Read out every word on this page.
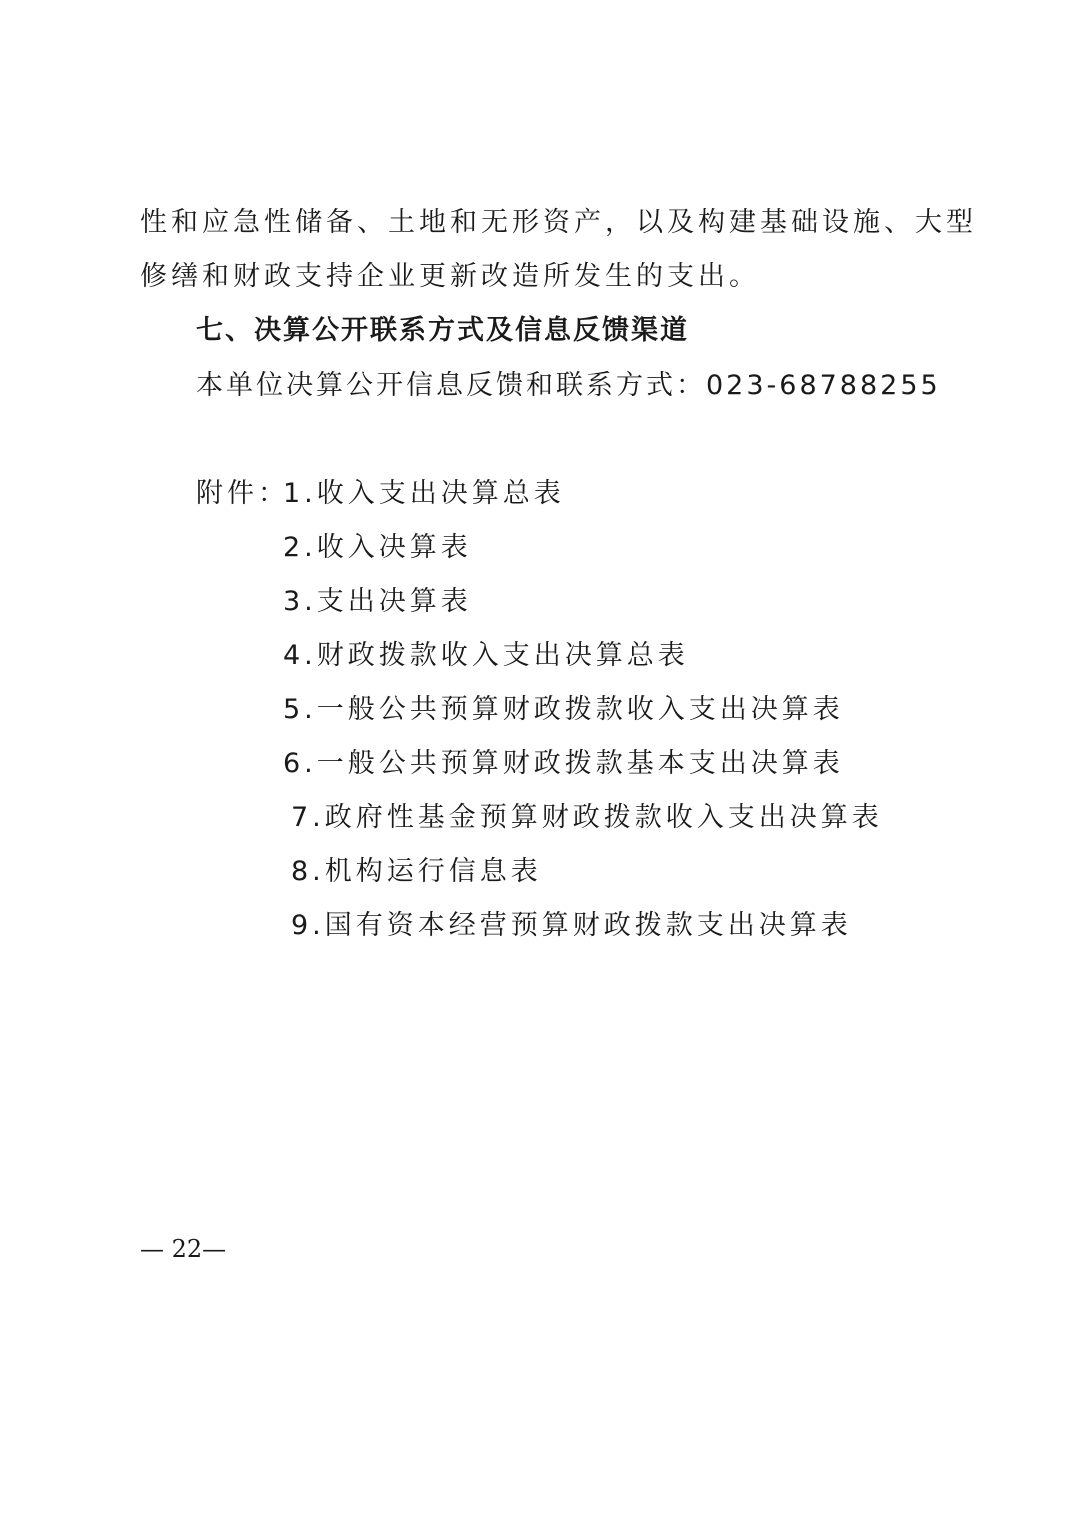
性和应急性储备、土地和无形资产，以及构建基础设施、大型
修缮和财政支持企业更新改造所发生的支出。
七、决算公开联系方式及信息反馈渠道
本单位决算公开信息反馈和联系方式：023-68788255
附件：
1.收入支出决算总表
2.收入决算表
3.支出决算表
4.财政拨款收入支出决算总表
5.一般公共预算财政拨款收入支出决算表
6.一般公共预算财政拨款基本支出决算表
7.政府性基金预算财政拨款收入支出决算表
8.机构运行信息表
9.国有资本经营预算财政拨款支出决算表
— 22—
